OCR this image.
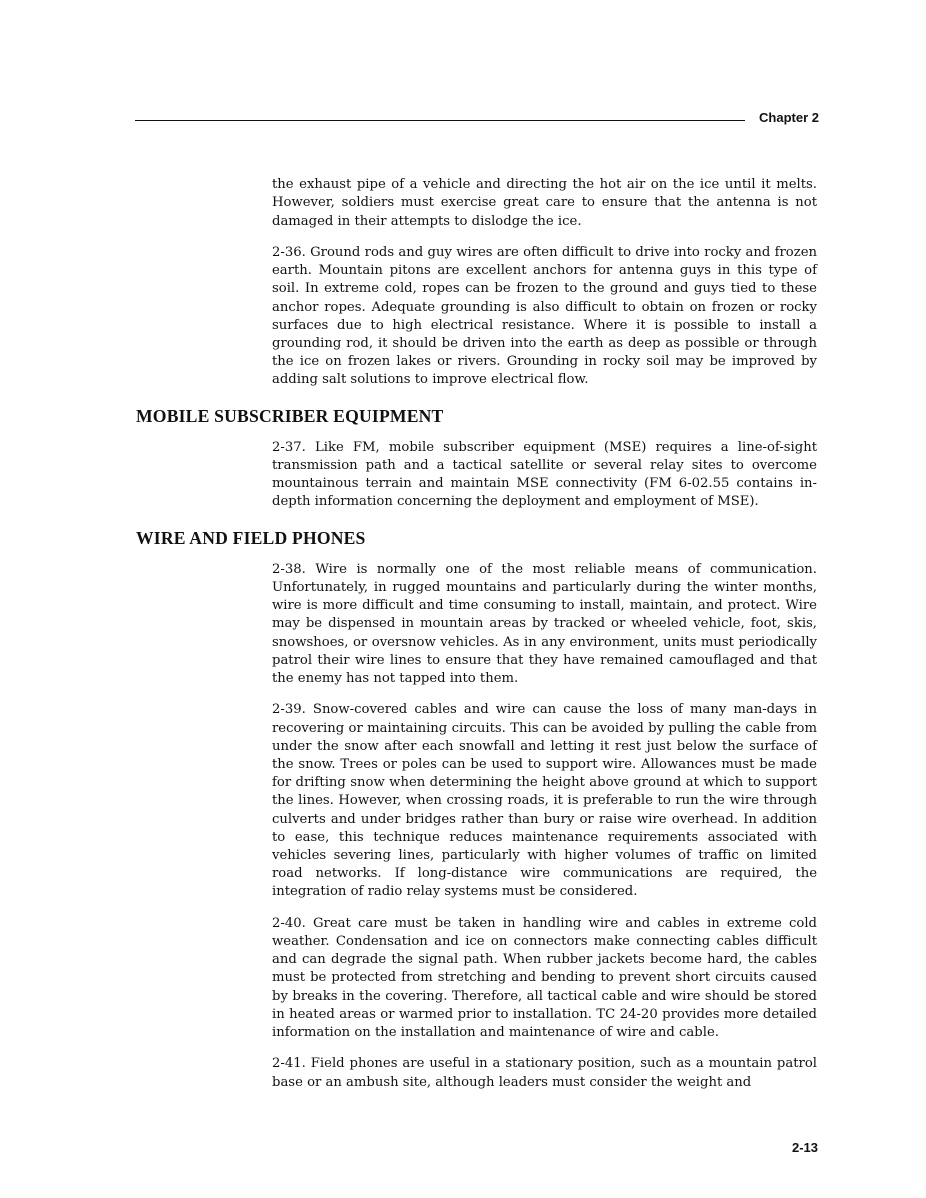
Chapter 2

the exhaust pipe of a vehicle and directing the hot air on the ice until it melts. However, soldiers must exercise great care to ensure that the antenna is not damaged in their attempts to dislodge the ice.

2-36. Ground rods and guy wires are often difficult to drive into rocky and frozen earth. Mountain pitons are excellent anchors for antenna guys in this type of soil. In extreme cold, ropes can be frozen to the ground and guys tied to these anchor ropes. Adequate grounding is also difficult to obtain on frozen or rocky surfaces due to high electrical resistance. Where it is possible to install a grounding rod, it should be driven into the earth as deep as possible or through the ice on frozen lakes or rivers. Grounding in rocky soil may be improved by adding salt solutions to improve electrical flow.

MOBILE SUBSCRIBER EQUIPMENT

2-37. Like FM, mobile subscriber equipment (MSE) requires a line-of-sight transmission path and a tactical satellite or several relay sites to overcome mountainous terrain and maintain MSE connectivity (FM 6-02.55 contains in-depth information concerning the deployment and employment of MSE).

WIRE AND FIELD PHONES

2-38. Wire is normally one of the most reliable means of communication. Unfortunately, in rugged mountains and particularly during the winter months, wire is more difficult and time consuming to install, maintain, and protect. Wire may be dispensed in mountain areas by tracked or wheeled vehicle, foot, skis, snowshoes, or oversnow vehicles. As in any environment, units must periodically patrol their wire lines to ensure that they have remained camouflaged and that the enemy has not tapped into them.

2-39. Snow-covered cables and wire can cause the loss of many man-days in recovering or maintaining circuits. This can be avoided by pulling the cable from under the snow after each snowfall and letting it rest just below the surface of the snow. Trees or poles can be used to support wire. Allowances must be made for drifting snow when determining the height above ground at which to support the lines. However, when crossing roads, it is preferable to run the wire through culverts and under bridges rather than bury or raise wire overhead. In addition to ease, this technique reduces maintenance requirements associated with vehicles severing lines, particularly with higher volumes of traffic on limited road networks. If long-distance wire communications are required, the integration of radio relay systems must be considered.

2-40. Great care must be taken in handling wire and cables in extreme cold weather. Condensation and ice on connectors make connecting cables difficult and can degrade the signal path. When rubber jackets become hard, the cables must be protected from stretching and bending to prevent short circuits caused by breaks in the covering. Therefore, all tactical cable and wire should be stored in heated areas or warmed prior to installation. TC 24-20 provides more detailed information on the installation and maintenance of wire and cable.

2-41. Field phones are useful in a stationary position, such as a mountain patrol base or an ambush site, although leaders must consider the weight and

2-13
